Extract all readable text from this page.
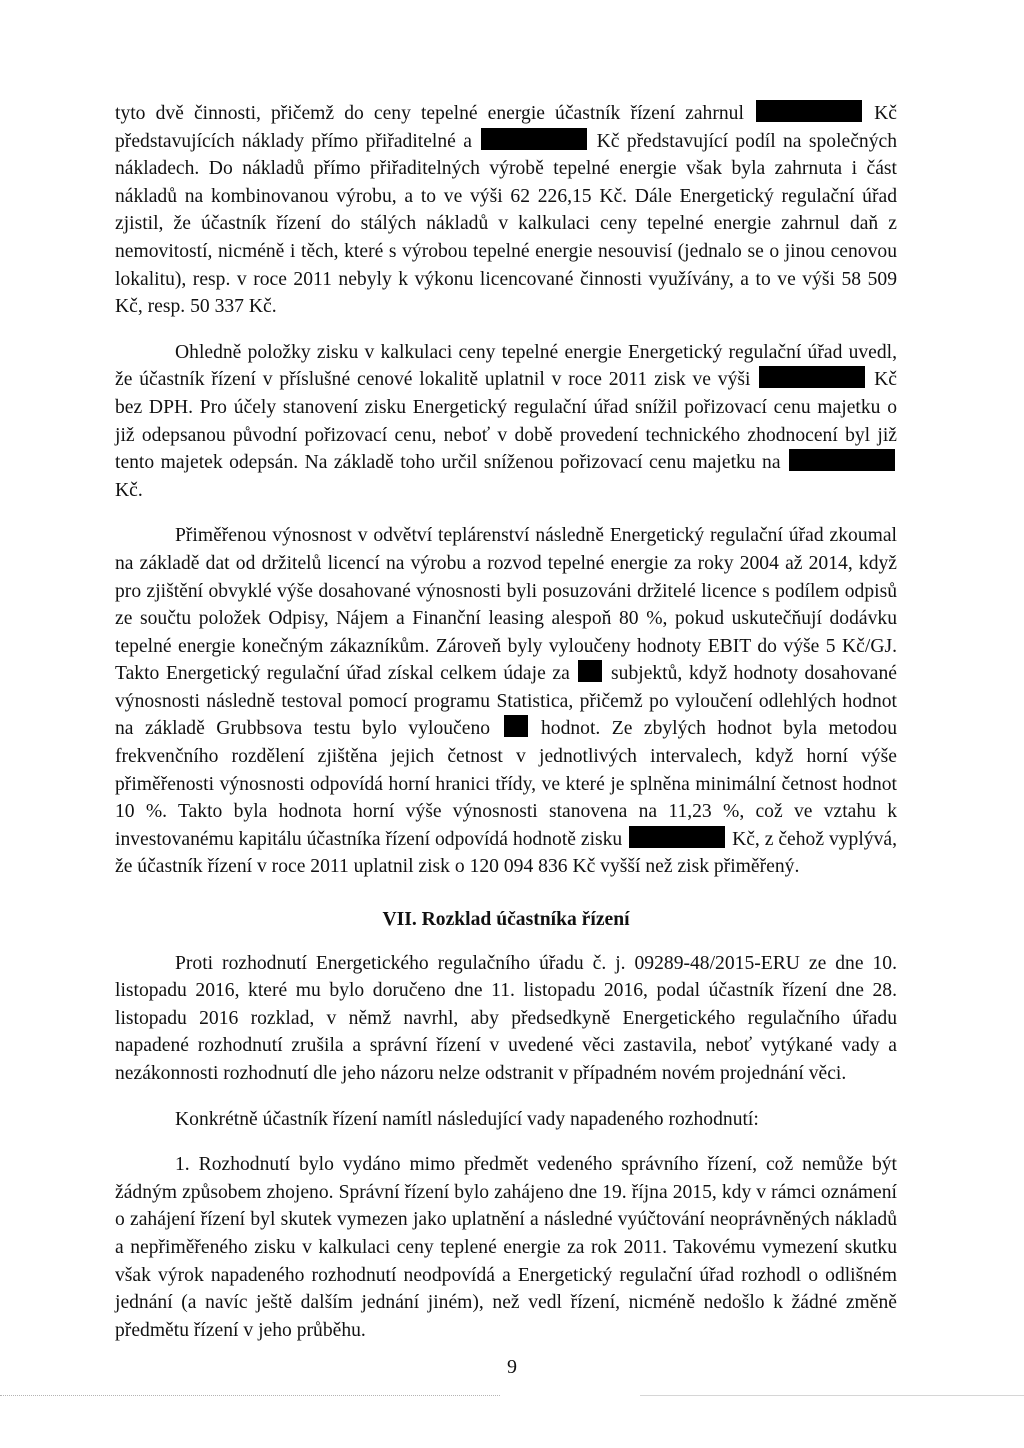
tyto dvě činnosti, přičemž do ceny tepelné energie účastník řízení zahrnul	Kč představujících náklady přímo přiřaditelné a	Kč představující podíl na společných nákladech. Do nákladů přímo přiřaditelných výrobě tepelné energie však byla zahrnuta i část nákladů na kombinovanou výrobu, a to ve výši 62 226,15 Kč. Dále Energetický regulační úřad zjistil, že účastník řízení do stálých nákladů v kalkulaci ceny tepelné energie zahrnul daň z nemovitostí, nicméně i těch, které s výrobou tepelné energie nesouvisí (jednalo se o jinou cenovou lokalitu), resp. v roce 2011 nebyly k výkonu licencované činnosti využívány, a to ve výši 58 509 Kč, resp. 50 337 Kč.

Ohledně položky zisku v kalkulaci ceny tepelné energie Energetický regulační úřad uvedl, že účastník řízení v příslušné cenové lokalitě uplatnil v roce 2011 zisk ve výši	Kč bez DPH. Pro účely stanovení zisku Energetický regulační úřad snížil pořizovací cenu majetku o již odepsanou původní pořizovací cenu, neboť v době provedení technického zhodnocení byl již tento majetek odepsán. Na základě toho určil sníženou pořizovací cenu majetku na  Kč.

Přiměřenou výnosnost v odvětví teplárenství následně Energetický regulační úřad zkoumal na základě dat od držitelů licencí na výrobu a rozvod tepelné energie za roky 2004 až 2014, když pro zjištění obvyklé výše dosahované výnosnosti byli posuzováni držitelé licence s podílem odpisů ze součtu položek Odpisy, Nájem a Finanční leasing alespoň 80 %, pokud uskutečňují dodávku tepelné energie konečným zákazníkům. Zároveň byly vyloučeny hodnoty EBIT do výše 5 Kč/GJ. Takto Energetický regulační úřad získal celkem údaje za subjektů, když hodnoty dosahované výnosnosti následně testoval pomocí programu Statistica, přičemž po vyloučení odlehlých hodnot na základě Grubbsova testu bylo vyloučeno	hodnot. Ze zbylých hodnot byla metodou frekvenčního rozdělení zjištěna jejich četnost v jednotlivých intervalech, když horní výše přiměřenosti výnosnosti odpovídá horní hranici třídy, ve které je splněna minimální četnost hodnot 10 %. Takto byla hodnota horní výše výnosnosti stanovena na 11,23 %, což ve vztahu k investovanému kapitálu účastníka řízení odpovídá hodnotě zisku	Kč, z čehož vyplývá, že účastník řízení v roce 2011 uplatnil zisk o 120 094 836 Kč vyšší než zisk přiměřený.

VII. Rozklad účastníka řízení

Proti rozhodnutí Energetického regulačního úřadu č. j. 09289-48/2015-ERU ze dne 10. listopadu 2016, které mu bylo doručeno dne 11. listopadu 2016, podal účastník řízení dne 28. listopadu 2016 rozklad, v němž navrhl, aby předsedkyně Energetického regulačního úřadu napadené rozhodnutí zrušila a správní řízení v uvedené věci zastavila, neboť vytýkané vady a nezákonnosti rozhodnutí dle jeho názoru nelze odstranit v případném novém projednání věci.

Konkrétně účastník řízení namítl následující vady napadeného rozhodnutí:

1. Rozhodnutí bylo vydáno mimo předmět vedeného správního řízení, což nemůže být žádným způsobem zhojeno. Správní řízení bylo zahájeno dne 19. října 2015, kdy v rámci oznámení o zahájení řízení byl skutek vymezen jako uplatnění a následné vyúčtování neoprávněných nákladů a nepřiměřeného zisku v kalkulaci ceny teplené energie za rok 2011. Takovému vymezení skutku však výrok napadeného rozhodnutí neodpovídá a Energetický regulační úřad rozhodl o odlišném jednání (a navíc ještě dalším jednání jiném), než vedl řízení, nicméně nedošlo k žádné změně předmětu řízení v jeho průběhu.

9
